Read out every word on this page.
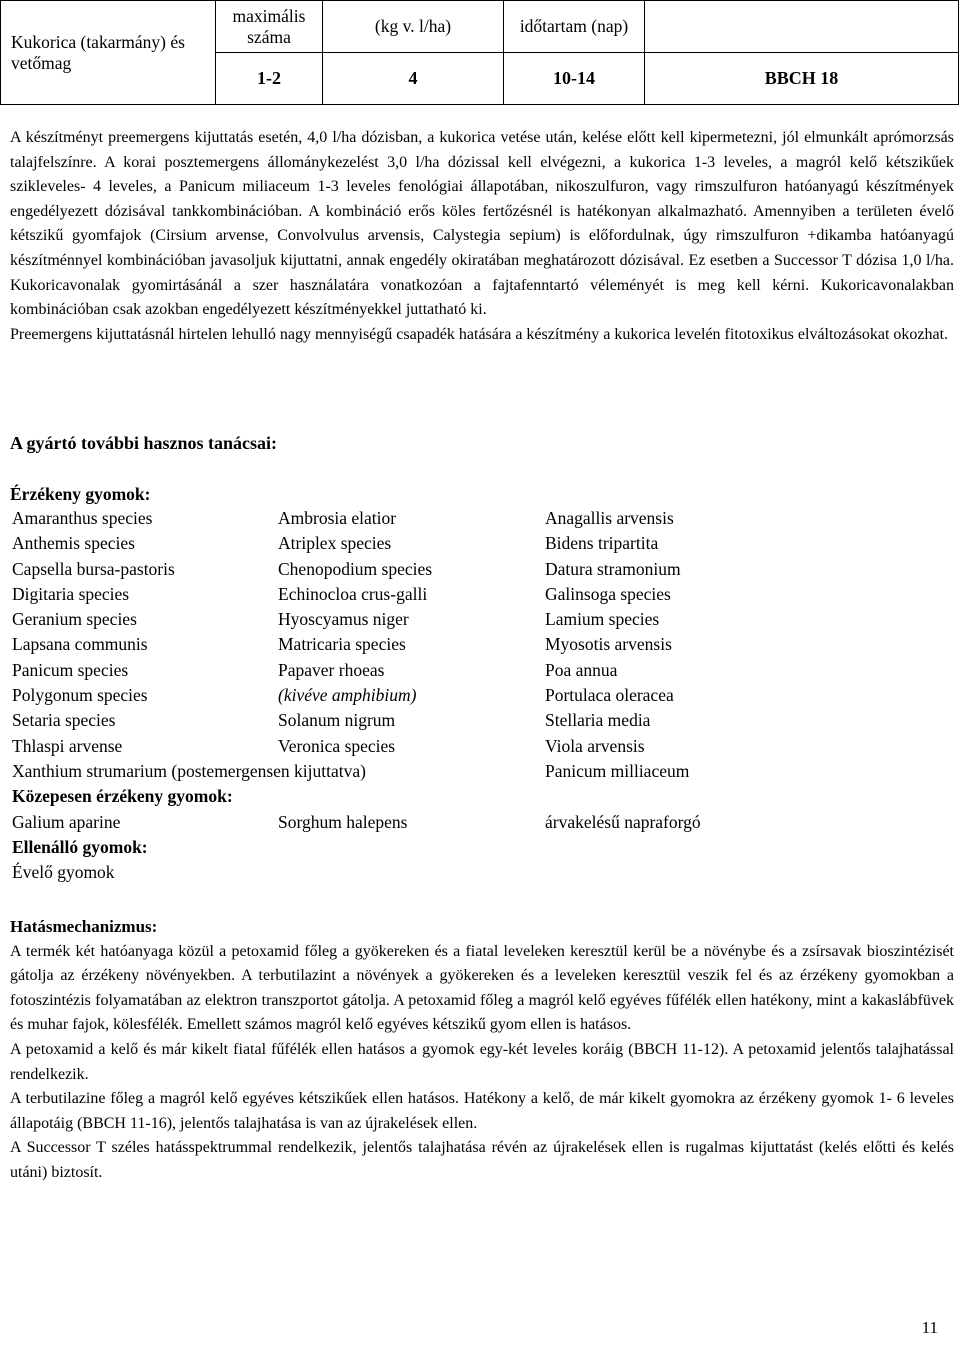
Kukorica (takarmány) és vetőmag	maximális száma	(kg v. l/ha)	időtartam (nap)	
	1-2	4	10-14	BBCH 18

A készítményt preemergens kijuttatás esetén, 4,0 l/ha dózisban, a kukorica vetése után, kelése előtt kell kipermetezni, jól elmunkált aprómorzsás talajfelszínre. A korai posztemergens állománykezelést 3,0 l/ha dózissal kell elvégezni, a kukorica 1-3 leveles, a magról kelő kétszikűek szikleveles- 4 leveles, a Panicum miliaceum 1-3 leveles fenológiai állapotában, nikoszulfuron, vagy rimszulfuron hatóanyagú készítmények engedélyezett dózisával tankkombinációban. A kombináció erős köles fertőzésnél is hatékonyan alkalmazható. Amennyiben a területen évelő kétszikű gyomfajok (Cirsium arvense, Convolvulus arvensis, Calystegia sepium) is előfordulnak, úgy rimszulfuron +dikamba hatóanyagú készítménnyel kombinációban javasoljuk kijuttatni, annak engedély okiratában meghatározott dózisával. Ez esetben a Successor T dózisa 1,0 l/ha. Kukoricavonalak gyomirtásánál a szer használatára vonatkozóan a fajtafenntartó véleményét is meg kell kérni. Kukoricavonalakban kombinációban csak azokban engedélyezett készítményekkel juttatható ki.

Preemergens kijuttatásnál hirtelen lehulló nagy mennyiségű csapadék hatására a készítmény a kukorica levelén fitotoxikus elváltozásokat okozhat.

A gyártó további hasznos tanácsai:
Érzékeny gyomok:
Amaranthus species	Ambrosia elatior	Anagallis arvensis
Anthemis species	Atriplex species	Bidens tripartita
Capsella bursa-pastoris	Chenopodium species	Datura stramonium
Digitaria species	Echinocloa crus-galli	Galinsoga species
Geranium species	Hyoscyamus niger	Lamium species
Lapsana communis	Matricaria species	Myosotis arvensis
Panicum species	Papaver rhoeas	Poa annua
Polygonum species	(kivéve amphibium)	Portulaca oleracea
Setaria species	Solanum nigrum	Stellaria media
Thlaspi arvense	Veronica species	Viola arvensis
Xanthium strumarium (postemergensen kijuttatva)	Panicum milliaceum
Közepesen érzékeny gyomok:
Galium aparine	Sorghum halepens	árvakelésű napraforgó
Ellenálló gyomok:
Évelő gyomok

Hatásmechanizmus:

A termék két hatóanyaga közül a petoxamid főleg a gyökereken és a fiatal leveleken keresztül kerül be a növénybe és a zsírsavak bioszintézisét gátolja az érzékeny növényekben. A terbutilazint a növények a gyökereken és a leveleken keresztül veszik fel és az érzékeny gyomokban a fotoszintézis folyamatában az elektron transzportot gátolja. A petoxamid főleg a magról kelő egyéves fűfélék ellen hatékony, mint a kakaslábfüvek és muhar fajok, kölesfélék. Emellett számos magról kelő egyéves kétszikű gyom ellen is hatásos.

A petoxamid a kelő és már kikelt fiatal fűfélék ellen hatásos a gyomok egy-két leveles koráig (BBCH 11-12). A petoxamid jelentős talajhatással rendelkezik.

A terbutilazine főleg a magról kelő egyéves kétszikűek ellen hatásos. Hatékony a kelő, de már kikelt gyomokra az érzékeny gyomok 1- 6 leveles állapotáig (BBCH 11-16), jelentős talajhatása is van az újrakelések ellen.

A Successor T széles hatásspektrummal rendelkezik, jelentős talajhatása révén az újrakelések ellen is rugalmas kijuttatást (kelés előtti és kelés utáni) biztosít.

11
